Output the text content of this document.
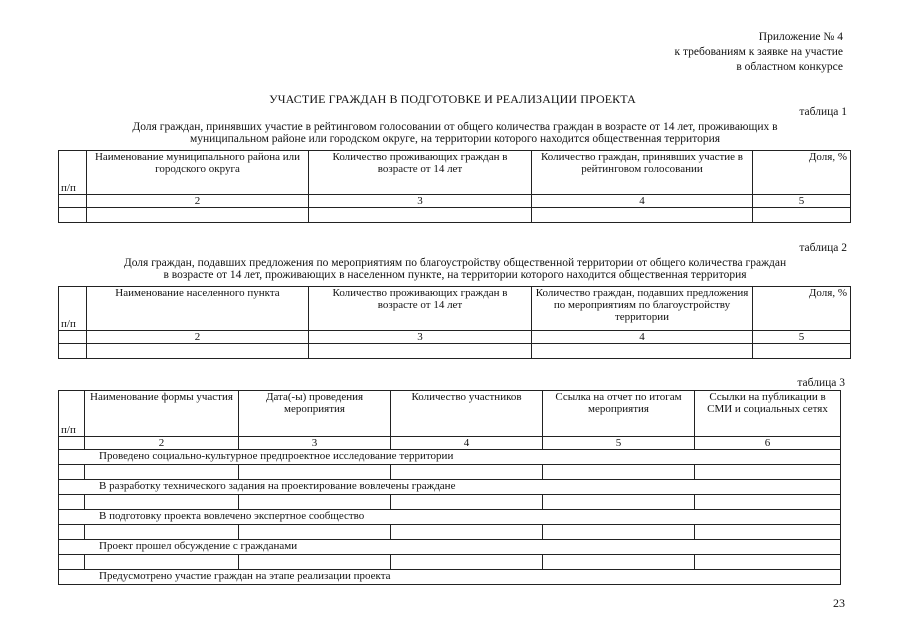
Приложение № 4
к требованиям к заявке на участие
в областном конкурсе
УЧАСТИЕ ГРАЖДАН В ПОДГОТОВКЕ И РЕАЛИЗАЦИИ ПРОЕКТА
таблица 1
Доля граждан, принявших участие в рейтинговом голосовании от общего количества граждан в возрасте от 14 лет, проживающих в
муниципальном районе или городском округе, на территории которого находится общественная территория
п/п	Наименование муниципального района или городского округа	Количество проживающих граждан в возрасте от 14 лет	Количество граждан, принявших участие в рейтинговом голосовании	Доля, %
	2	3	4	5

таблица 2
Доля граждан, подавших предложения по мероприятиям по благоустройству общественной территории от общего количества граждан
в возрасте от 14 лет, проживающих в населенном пункте, на территории которого находится общественная территория
п/п	Наименование населенного пункта	Количество проживающих граждан в возрасте от 14 лет	Количество граждан, подавших предложения по мероприятиям по благоустройству территории	Доля, %
	2	3	4	5

таблица 3
п/п	Наименование формы участия	Дата(-ы) проведения мероприятия	Количество участников	Ссылка на отчет по итогам мероприятия	Ссылки на публикации в СМИ и социальных сетях
	2	3	4	5	6
Проведено социально-культурное предпроектное исследование территории					

В разработку технического задания на проектирование вовлечены граждане					

В подготовку проекта вовлечено экспертное сообщество					

Проект прошел обсуждение с гражданами					

Предусмотрено участие граждан на этапе реализации проекта					
23
